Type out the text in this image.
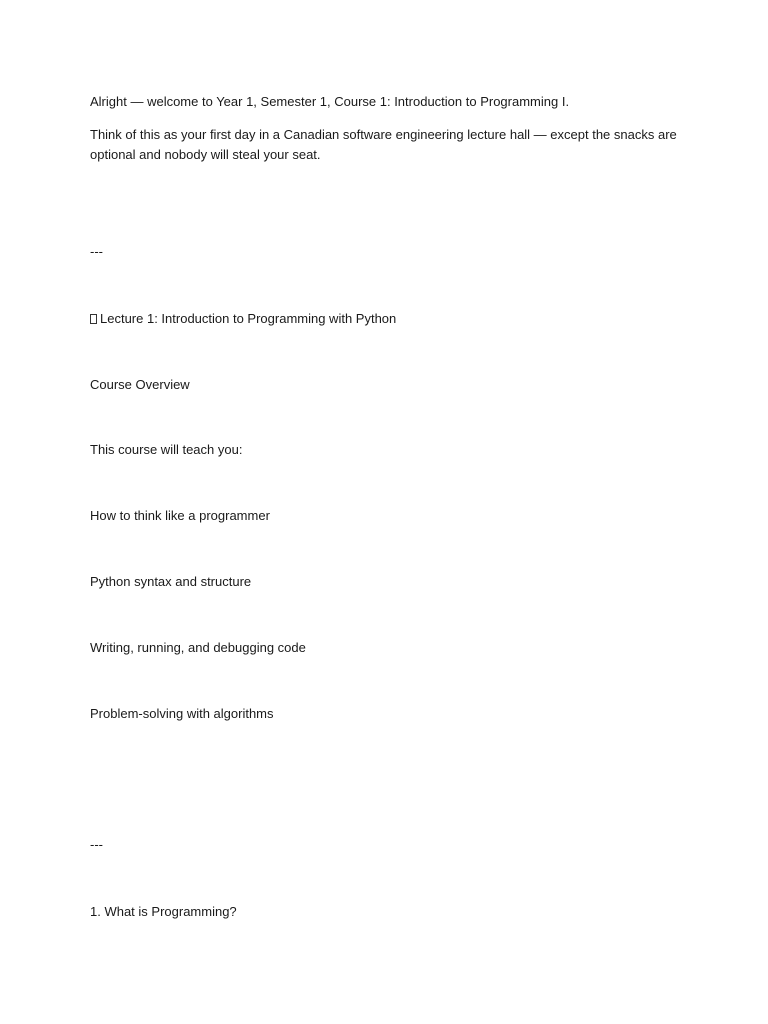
Alright — welcome to Year 1, Semester 1, Course 1: Introduction to Programming I.
Think of this as your first day in a Canadian software engineering lecture hall — except the snacks are optional and nobody will steal your seat.
---
Lecture 1: Introduction to Programming with Python
Course Overview
This course will teach you:
How to think like a programmer
Python syntax and structure
Writing, running, and debugging code
Problem-solving with algorithms
---
1. What is Programming?
